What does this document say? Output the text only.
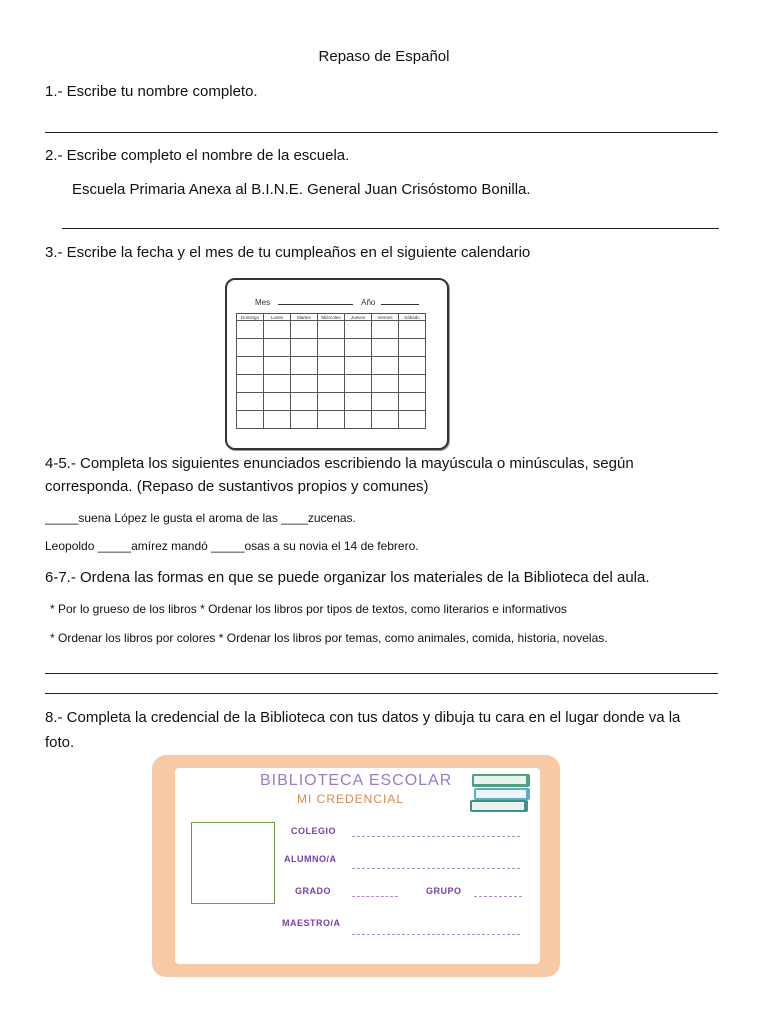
Repaso de Español
1.- Escribe tu nombre completo.
2.- Escribe completo el nombre de la escuela.
Escuela Primaria Anexa al B.I.N.E. General Juan Crisóstomo Bonilla.
3.- Escribe la fecha y el mes de tu cumpleaños en el siguiente calendario
Mes	Año
Domingo	Lunes	Martes	Miércoles	Jueves	Viernes	Sábado

4-5.- Completa los siguientes enunciados escribiendo la mayúscula o minúsculas, según
corresponda. (Repaso de sustantivos propios y comunes)
_____suena López le gusta el aroma de las ____zucenas.
Leopoldo _____amírez mandó _____osas a su novia el 14 de febrero.
6-7.- Ordena las formas en que se puede organizar los materiales de la Biblioteca del aula.
* Por lo grueso de los libros * Ordenar los libros por tipos de textos, como literarios e informativos
* Ordenar los libros por colores * Ordenar los libros por temas, como animales, comida, historia, novelas.
8.- Completa la credencial de la Biblioteca con tus datos y dibuja tu cara en el lugar donde va la
foto.
BIBLIOTECA ESCOLAR
MI CREDENCIAL
COLEGIO
ALUMNO/A
GRADO	GRUPO
MAESTRO/A
